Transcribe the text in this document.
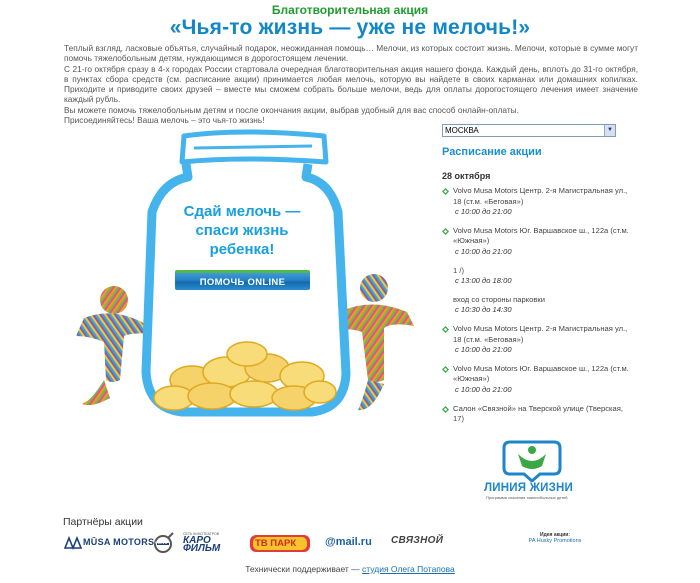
Благотворительная акция
«Чья-то жизнь — уже не мелочь!»

Теплый взгляд, ласковые объятья, случайный подарок, неожиданная помощь… Мелочи, из которых состоит жизнь. Мелочи, которые в сумме могут помочь тяжелобольным детям, нуждающимся в дорогостоящем лечении.

С 21-го октября сразу в 4-х городах России стартовала очередная благотворительная акция нашего фонда. Каждый день, вплоть до 31-го октября, в пунктах сбора средств (см. расписание акции) принимается любая мелочь, которую вы найдете в своих карманах или домашних копилках. Приходите и приводите своих друзей – вместе мы сможем собрать больше мелочи, ведь для оплаты дорогостоящего лечения имеет значение каждый рубль.

Вы можете помочь тяжелобольным детям и после окончания акции, выбрав удобный для вас способ онлайн-оплаты.

Присоединяйтесь! Ваша мелочь – это чья-то жизнь!

Сдай мелочь —
спаси жизнь
ребенка!
ПОМОЧЬ ONLINE
МОСКВА	▼
Расписание акции
28 октября
Volvo Musa Motors Центр. 2-я Магистральная ул., 18 (ст.м. «Беговая»)
с 10:00 до 21:00
Volvo Musa Motors Юг. Варшавское ш., 122а (ст.м. «Южная»)
с 10:00 до 21:00
1 /)
с 13:00 до 18:00
вход со стороны парковки
с 10:30 до 14:30
Volvo Musa Motors Центр. 2-я Магистральная ул., 18 (ст.м. «Беговая»)
с 10:00 до 21:00
Volvo Musa Motors Юг. Варшавское ш., 122а (ст.м. «Южная»)
с 10:00 до 21:00
Салон «Связной» на Тверской улице (Тверская, 17)
ЛИНИЯ ЖИЗНИ
Программа спасения тяжелобольных детей
Партнёры акции
MŪSA MOTORS VOLVO
СЕТЬ КИНОТЕАТРОВ
КАРО ФИЛЬМ	ТВ ПАРК	@mail.ru СВЯЗНОЙ	Идея акции:
PA Husky Promotions
Технически поддерживает — студия Олега Потапова
